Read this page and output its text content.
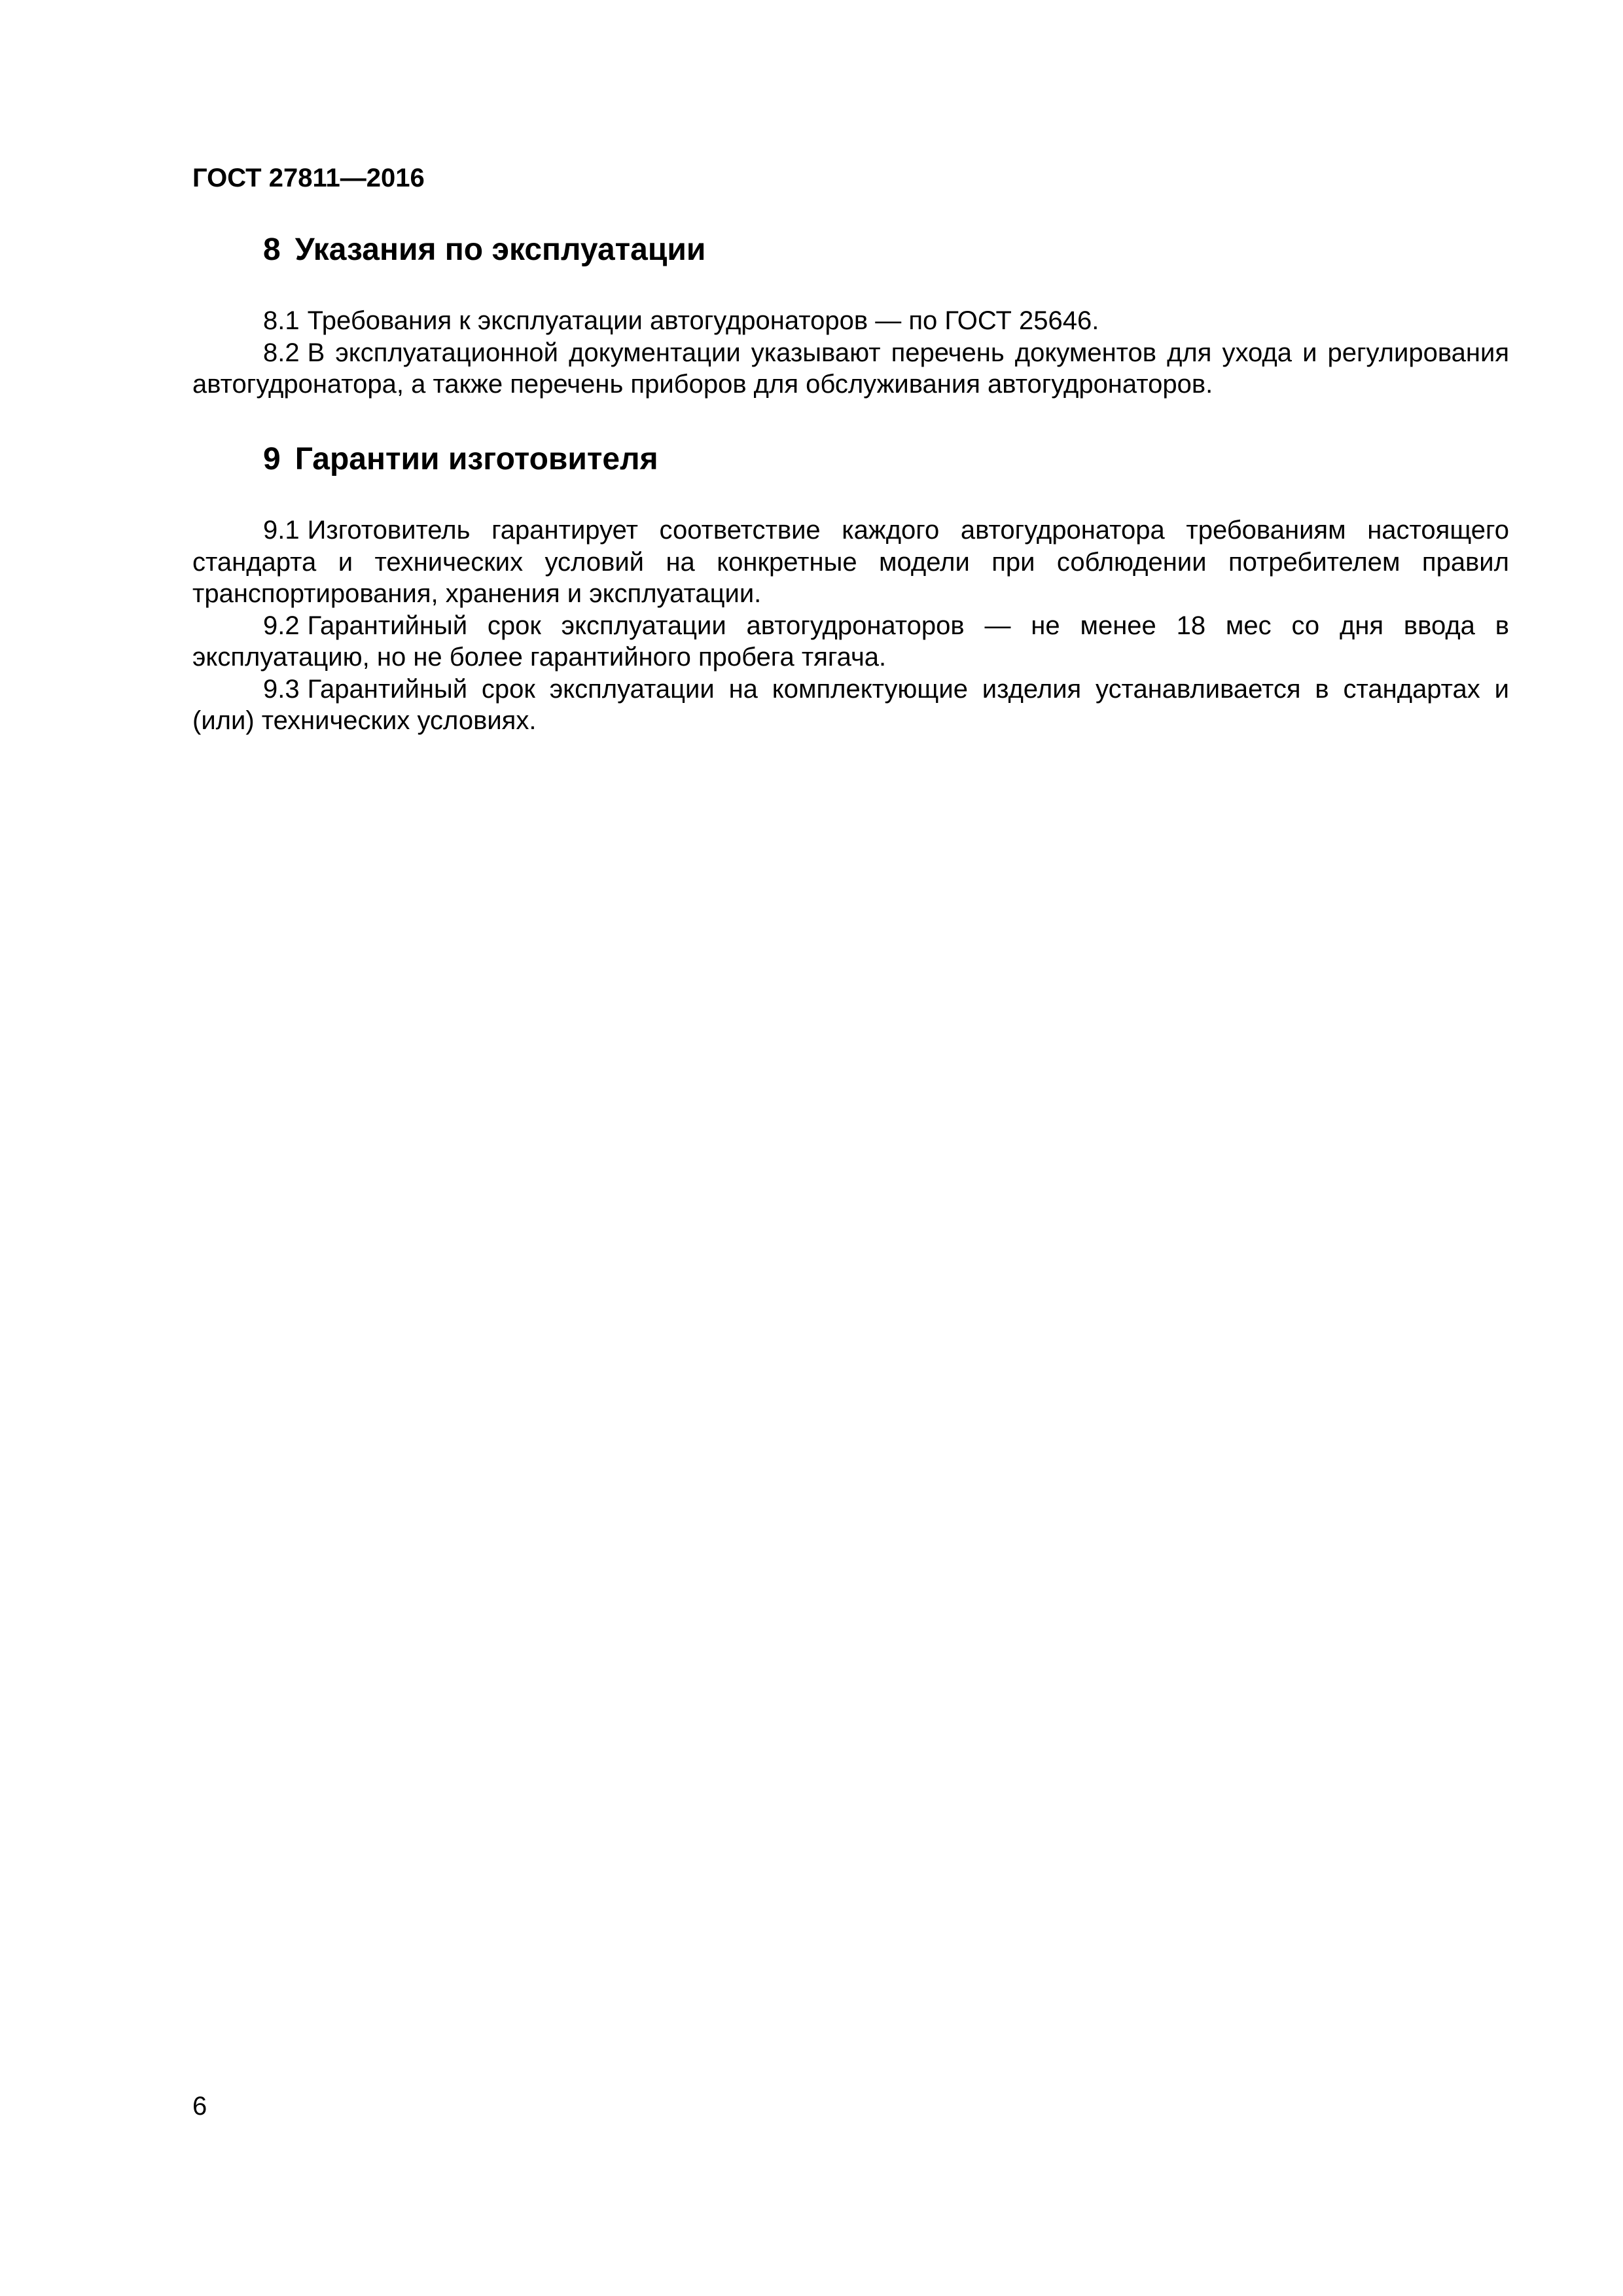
ГОСТ 27811—2016
8 Указания по эксплуатации

8.1 Требования к эксплуатации автогудронаторов — по ГОСТ 25646.

8.2 В эксплуатационной документации указывают перечень документов для ухода и регулирования автогудронатора, а также перечень приборов для обслуживания автогудронаторов.

9 Гарантии изготовителя

9.1 Изготовитель гарантирует соответствие каждого автогудронатора требованиям настоящего стандарта и технических условий на конкретные модели при соблюдении потребителем правил транспортирования, хранения и эксплуатации.

9.2 Гарантийный срок эксплуатации автогудронаторов — не менее 18 мес со дня ввода в эксплуатацию, но не более гарантийного пробега тягача.

9.3 Гарантийный срок эксплуатации на комплектующие изделия устанавливается в стандартах и (или) технических условиях.

6
